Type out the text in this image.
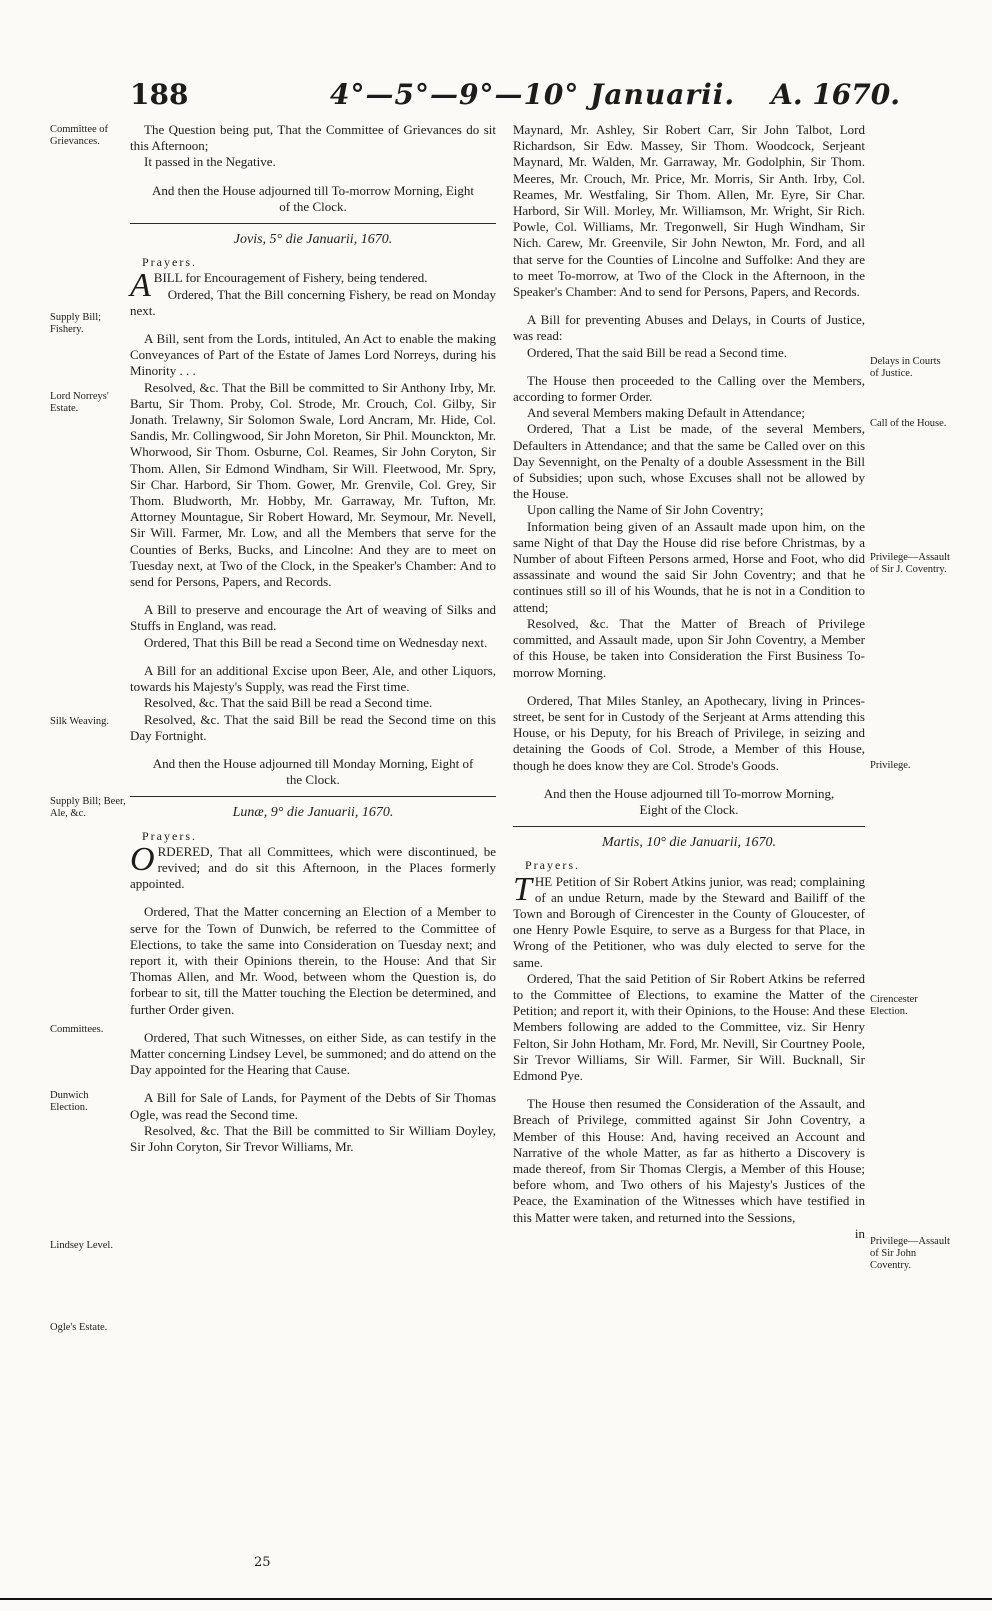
188	4°—5°—9°—10° Januarii. A. 1670.
Committee of Grievances.
Supply Bill; Fishery.
Lord Norreys' Estate.
Silk Weaving.
Supply Bill; Beer, Ale, &c.
Committees.
Dunwich Election.
Lindsey Level.
Ogle's Estate.
Delays in Courts of Justice.
Call of the House.
Privilege—Assault of Sir J. Coventry.
Privilege.
Cirencester Election.
Privilege—Assault of Sir John Coventry.

The Question being put, That the Committee of Grievances do sit this Afternoon;

It passed in the Negative.

And then the House adjourned till To-morrow Morning, Eight of the Clock.

Jovis, 5° die Januarii, 1670.

Prayers.

ABILL for Encouragement of Fishery, being tendered.

Ordered, That the Bill concerning Fishery, be read on Monday next.

A Bill, sent from the Lords, intituled, An Act to enable the making Conveyances of Part of the Estate of James Lord Norreys, during his Minority . . .

Resolved, &c. That the Bill be committed to Sir Anthony Irby, Mr. Bartu, Sir Thom. Proby, Col. Strode, Mr. Crouch, Col. Gilby, Sir Jonath. Trelawny, Sir Solomon Swale, Lord Ancram, Mr. Hide, Col. Sandis, Mr. Collingwood, Sir John Moreton, Sir Phil. Mounckton, Mr. Whorwood, Sir Thom. Osburne, Col. Reames, Sir John Coryton, Sir Thom. Allen, Sir Edmond Windham, Sir Will. Fleetwood, Mr. Spry, Sir Char. Harbord, Sir Thom. Gower, Mr. Grenvile, Col. Grey, Sir Thom. Bludworth, Mr. Hobby, Mr. Garraway, Mr. Tufton, Mr. Attorney Mountague, Sir Robert Howard, Mr. Seymour, Mr. Nevell, Sir Will. Farmer, Mr. Low, and all the Members that serve for the Counties of Berks, Bucks, and Lincolne: And they are to meet on Tuesday next, at Two of the Clock, in the Speaker's Chamber: And to send for Persons, Papers, and Records.

A Bill to preserve and encourage the Art of weaving of Silks and Stuffs in England, was read.

Ordered, That this Bill be read a Second time on Wednesday next.

A Bill for an additional Excise upon Beer, Ale, and other Liquors, towards his Majesty's Supply, was read the First time.

Resolved, &c. That the said Bill be read a Second time.

Resolved, &c. That the said Bill be read the Second time on this Day Fortnight.

And then the House adjourned till Monday Morning, Eight of the Clock.

Lunæ, 9° die Januarii, 1670.

Prayers.

ORDERED, That all Committees, which were discontinued, be revived; and do sit this Afternoon, in the Places formerly appointed.

Ordered, That the Matter concerning an Election of a Member to serve for the Town of Dunwich, be referred to the Committee of Elections, to take the same into Consideration on Tuesday next; and report it, with their Opinions therein, to the House: And that Sir Thomas Allen, and Mr. Wood, between whom the Question is, do forbear to sit, till the Matter touching the Election be determined, and further Order given.

Ordered, That such Witnesses, on either Side, as can testify in the Matter concerning Lindsey Level, be summoned; and do attend on the Day appointed for the Hearing that Cause.

A Bill for Sale of Lands, for Payment of the Debts of Sir Thomas Ogle, was read the Second time.

Resolved, &c. That the Bill be committed to Sir William Doyley, Sir John Coryton, Sir Trevor Williams, Mr.

Maynard, Mr. Ashley, Sir Robert Carr, Sir John Talbot, Lord Richardson, Sir Edw. Massey, Sir Thom. Woodcock, Serjeant Maynard, Mr. Walden, Mr. Garraway, Mr. Godolphin, Sir Thom. Meeres, Mr. Crouch, Mr. Price, Mr. Morris, Sir Anth. Irby, Col. Reames, Mr. Westfaling, Sir Thom. Allen, Mr. Eyre, Sir Char. Harbord, Sir Will. Morley, Mr. Williamson, Mr. Wright, Sir Rich. Powle, Col. Williams, Mr. Tregonwell, Sir Hugh Windham, Sir Nich. Carew, Mr. Greenvile, Sir John Newton, Mr. Ford, and all that serve for the Counties of Lincolne and Suffolke: And they are to meet To-morrow, at Two of the Clock in the Afternoon, in the Speaker's Chamber: And to send for Persons, Papers, and Records.

A Bill for preventing Abuses and Delays, in Courts of Justice, was read:

Ordered, That the said Bill be read a Second time.

The House then proceeded to the Calling over the Members, according to former Order.

And several Members making Default in Attendance;

Ordered, That a List be made, of the several Members, Defaulters in Attendance; and that the same be Called over on this Day Sevennight, on the Penalty of a double Assessment in the Bill of Subsidies; upon such, whose Excuses shall not be allowed by the House.

Upon calling the Name of Sir John Coventry;

Information being given of an Assault made upon him, on the same Night of that Day the House did rise before Christmas, by a Number of about Fifteen Persons armed, Horse and Foot, who did assassinate and wound the said Sir John Coventry; and that he continues still so ill of his Wounds, that he is not in a Condition to attend;

Resolved, &c. That the Matter of Breach of Privilege committed, and Assault made, upon Sir John Coventry, a Member of this House, be taken into Consideration the First Business To-morrow Morning.

Ordered, That Miles Stanley, an Apothecary, living in Princes-street, be sent for in Custody of the Serjeant at Arms attending this House, or his Deputy, for his Breach of Privilege, in seizing and detaining the Goods of Col. Strode, a Member of this House, though he does know they are Col. Strode's Goods.

And then the House adjourned till To-morrow Morning, Eight of the Clock.

Martis, 10° die Januarii, 1670.

Prayers.

THE Petition of Sir Robert Atkins junior, was read; complaining of an undue Return, made by the Steward and Bailiff of the Town and Borough of Cirencester in the County of Gloucester, of one Henry Powle Esquire, to serve as a Burgess for that Place, in Wrong of the Petitioner, who was duly elected to serve for the same.

Ordered, That the said Petition of Sir Robert Atkins be referred to the Committee of Elections, to examine the Matter of the Petition; and report it, with their Opinions, to the House: And these Members following are added to the Committee, viz. Sir Henry Felton, Sir John Hotham, Mr. Ford, Mr. Nevill, Sir Courtney Poole, Sir Trevor Williams, Sir Will. Farmer, Sir Will. Bucknall, Sir Edmond Pye.

The House then resumed the Consideration of the Assault, and Breach of Privilege, committed against Sir John Coventry, a Member of this House: And, having received an Account and Narrative of the whole Matter, as far as hitherto a Discovery is made thereof, from Sir Thomas Clergis, a Member of this House; before whom, and Two others of his Majesty's Justices of the Peace, the Examination of the Witnesses which have testified in this Matter were taken, and returned into the Sessions,

in

25
